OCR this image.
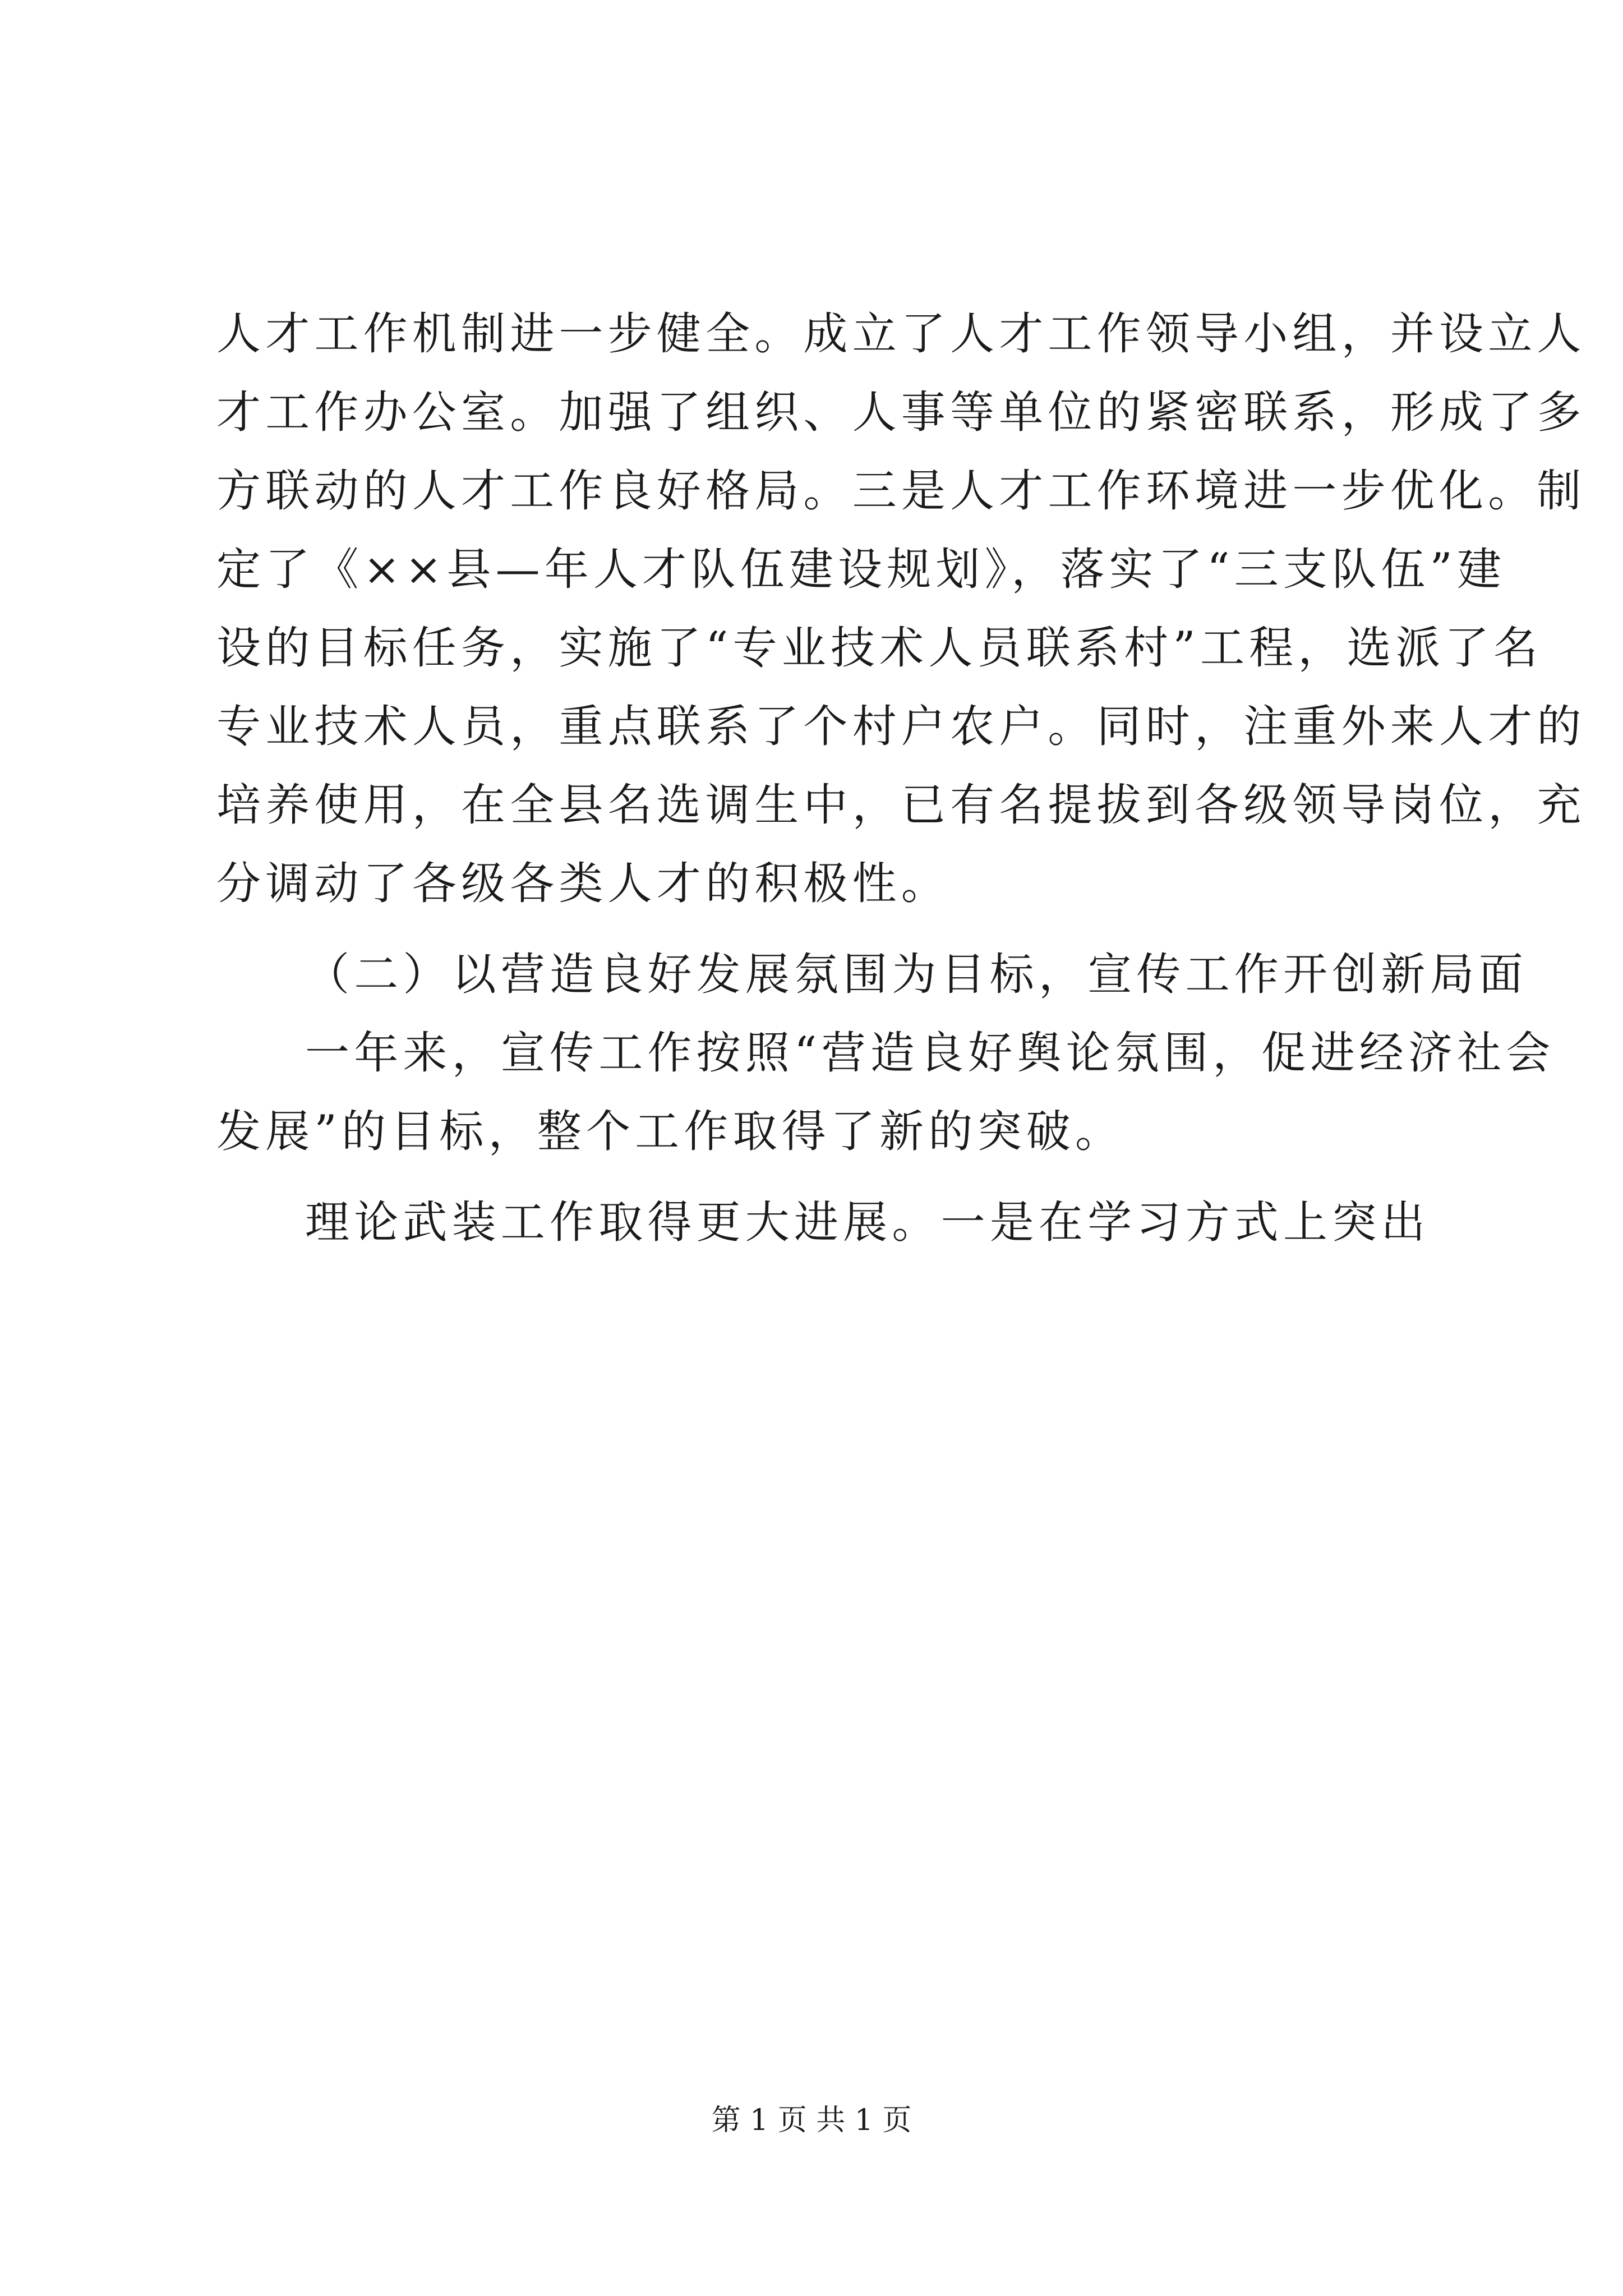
人才工作机制进一步健全。成立了人才工作领导小组，并设立人
才工作办公室。加强了组织、人事等单位的紧密联系，形成了多
方联动的人才工作良好格局。三是人才工作环境进一步优化。制
定了《××县—年人才队伍建设规划》，落实了“三支队伍”建
设的目标任务，实施了“专业技术人员联系村”工程，选派了名
专业技术人员，重点联系了个村户农户。同时，注重外来人才的
培养使用，在全县名选调生中，已有名提拔到各级领导岗位，充
分调动了各级各类人才的积极性。
（二）以营造良好发展氛围为目标，宣传工作开创新局面
一年来，宣传工作按照“营造良好舆论氛围，促进经济社会
发展”的目标，整个工作取得了新的突破。
理论武装工作取得更大进展。一是在学习方式上突出
第 1 页 共 1 页
